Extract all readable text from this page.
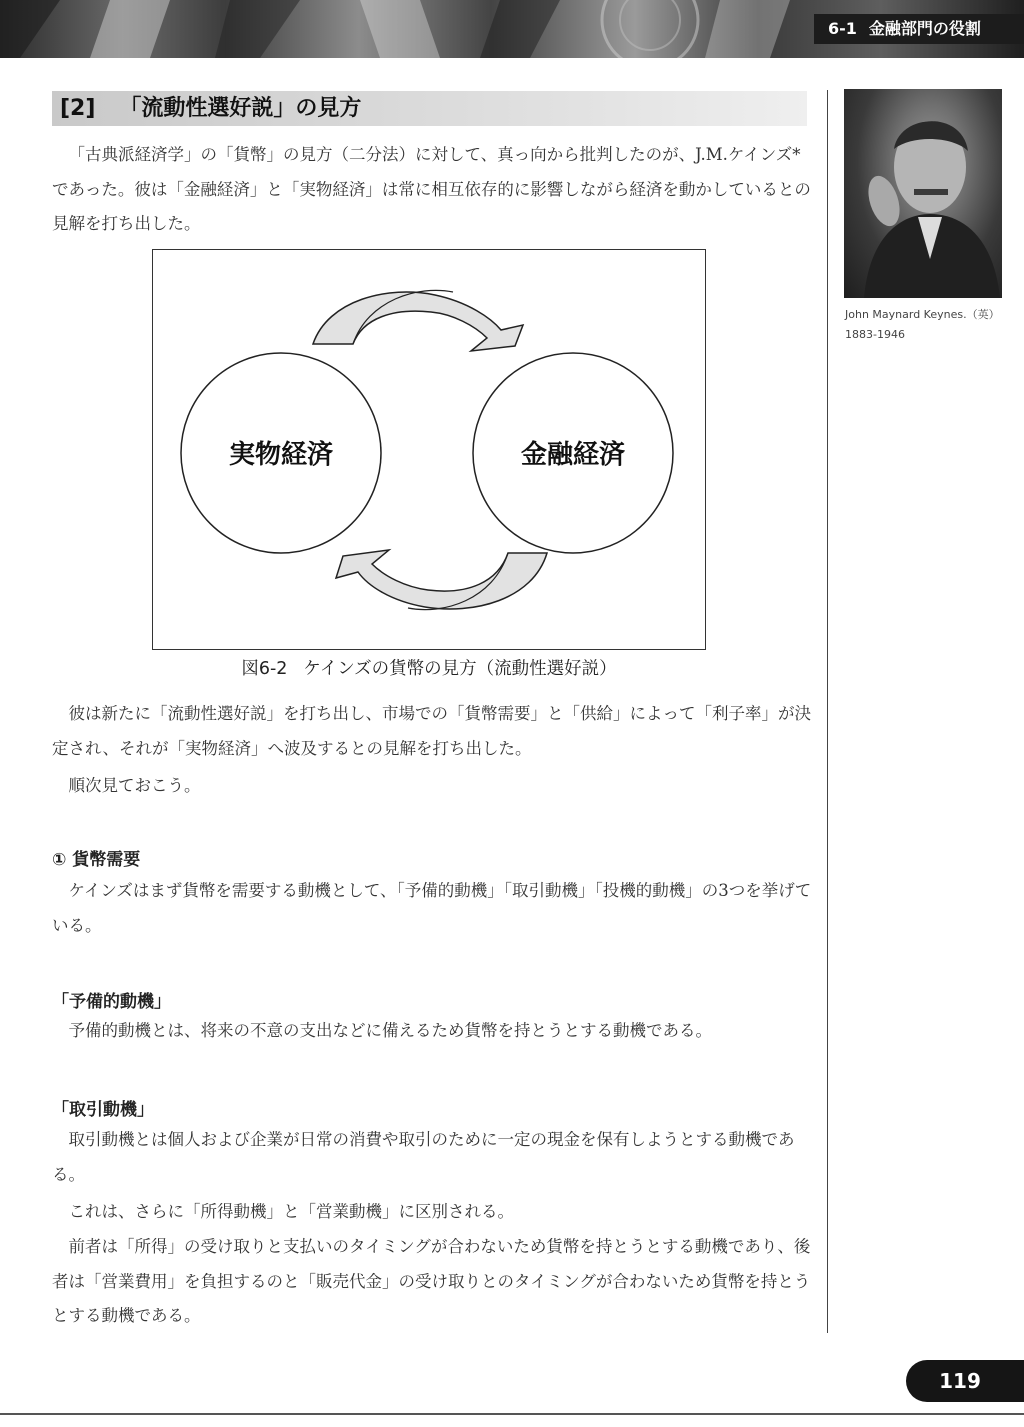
6-1 金融部門の役割
[2] 「流動性選好説」の見方

「古典派経済学」の「貨幣」の見方（二分法）に対して、真っ向から批判したのが、J.M.ケインズ*であった。彼は「金融経済」と「実物経済」は常に相互依存的に影響しながら経済を動かしているとの見解を打ち出した。

実物経済	金融経済
図6-2 ケインズの貨幣の見方（流動性選好説）

彼は新たに「流動性選好説」を打ち出し、市場での「貨幣需要」と「供給」によって「利子率」が決定され、それが「実物経済」へ波及するとの見解を打ち出した。

順次見ておこう。

① 貨幣需要

ケインズはまず貨幣を需要する動機として、「予備的動機」「取引動機」「投機的動機」の3つを挙げている。

「予備的動機」

予備的動機とは、将来の不意の支出などに備えるため貨幣を持とうとする動機である。

「取引動機」

取引動機とは個人および企業が日常の消費や取引のために一定の現金を保有しようとする動機である。

これは、さらに「所得動機」と「営業動機」に区別される。

前者は「所得」の受け取りと支払いのタイミングが合わないため貨幣を持とうとする動機であり、後者は「営業費用」を負担するのと「販売代金」の受け取りとのタイミングが合わないため貨幣を持とうとする動機である。

John Maynard Keynes.（英）
1883-1946
119
